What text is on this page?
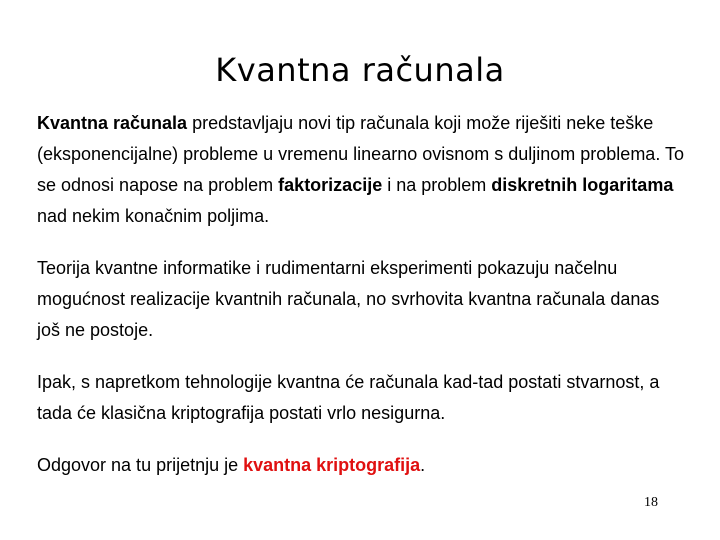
Kvantna računala

Kvantna računala predstavljaju novi tip računala koji može riješiti neke teške (eksponencijalne) probleme u vremenu linearno ovisnom s duljinom problema. To se odnosi napose na problem faktorizacije i na problem diskretnih logaritama nad nekim konačnim poljima.

Teorija kvantne informatike i rudimentarni eksperimenti pokazuju načelnu mogućnost realizacije kvantnih računala, no svrhovita kvantna računala danas još ne postoje.

Ipak, s napretkom tehnologije kvantna će računala kad-tad postati stvarnost, a tada će klasična kriptografija postati vrlo nesigurna.

Odgovor na tu prijetnju je kvantna kriptografija.

18
